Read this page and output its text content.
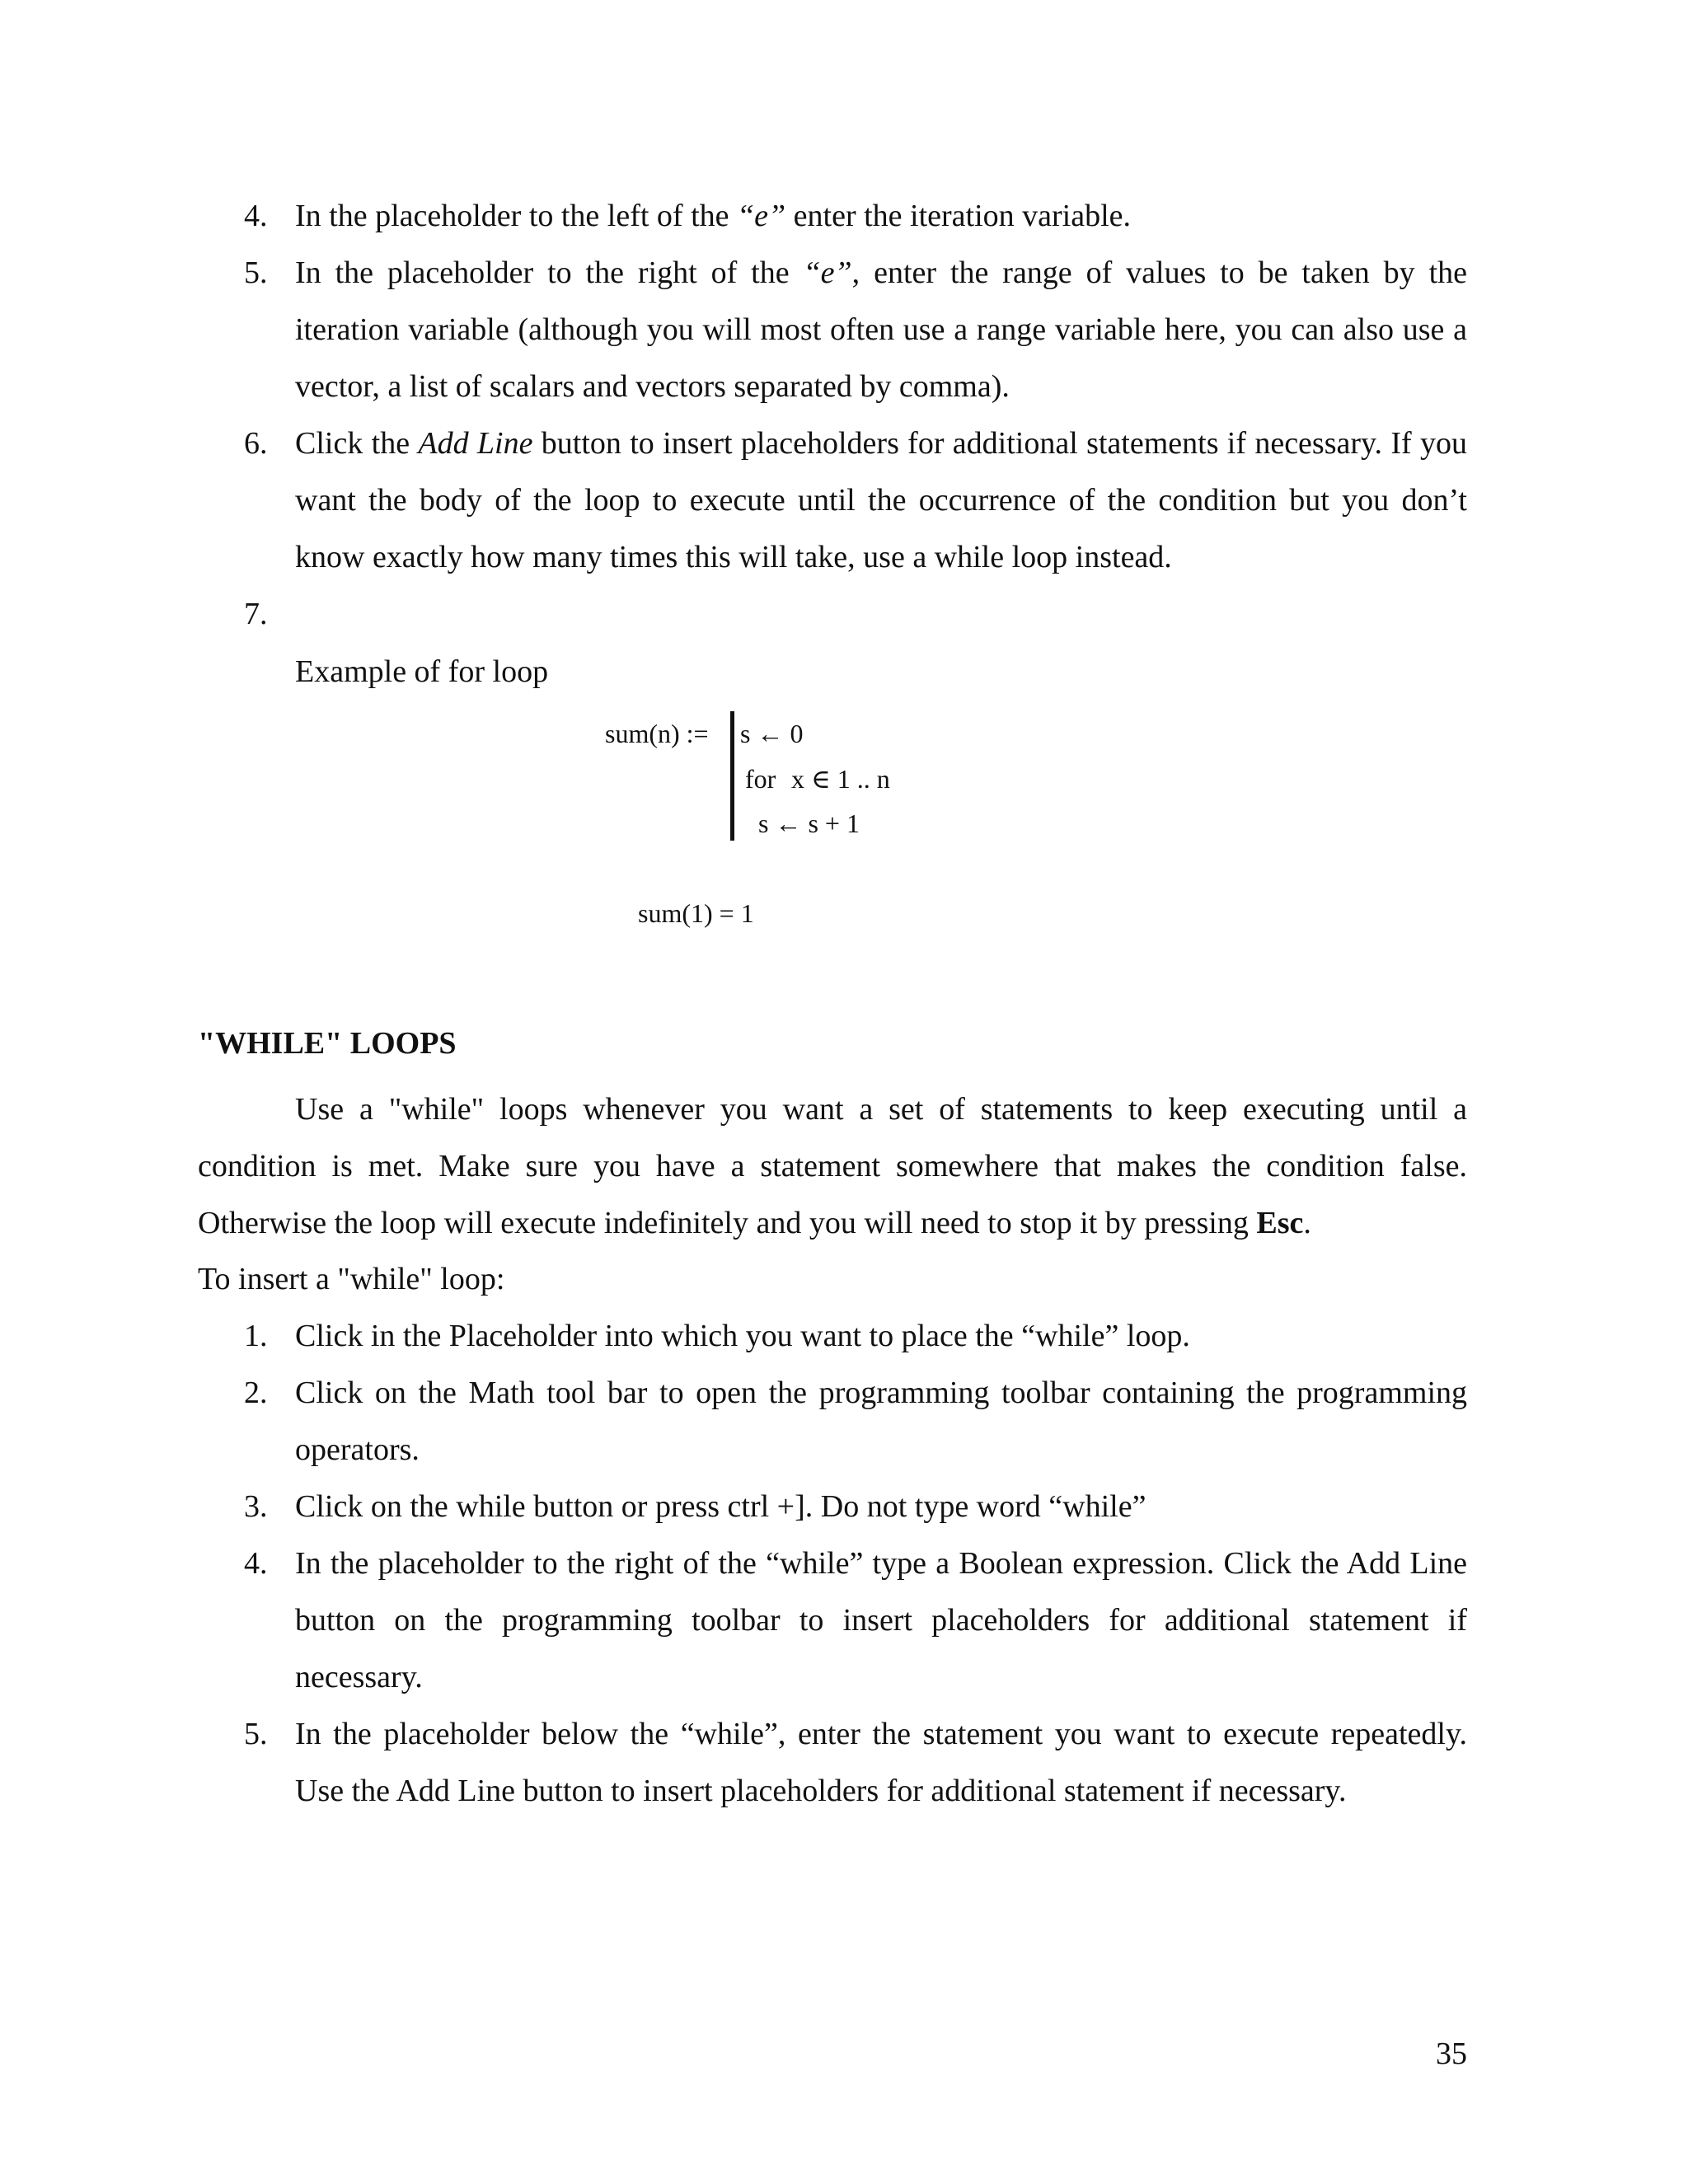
4. In the placeholder to the left of the “e” enter the iteration variable.
5. In the placeholder to the right of the “e”, enter the range of values to be taken by the iteration variable (although you will most often use a range variable here, you can also use a vector, a list of scalars and vectors separated by comma).
6. Click the Add Line button to insert placeholders for additional statements if necessary. If you want the body of the loop to execute until the occurrence of the condition but you don’t know exactly how many times this will take, use a while loop instead.
7.

Example of for loop

sum(n) := s ← 0
for x ∈ 1 .. n
s ← s + 1
sum(1) = 1
"WHILE" LOOPS

Use a "while" loops whenever you want a set of statements to keep executing until a condition is met. Make sure you have a statement somewhere that makes the condition false. Otherwise the loop will execute indefinitely and you will need to stop it by pressing Esc.

To insert a "while" loop:

1. Click in the Placeholder into which you want to place the “while” loop.
2. Click on the Math tool bar to open the programming toolbar containing the programming operators.
3. Click on the while button or press ctrl +]. Do not type word “while”
4. In the placeholder to the right of the “while” type a Boolean expression. Click the Add Line button on the programming toolbar to insert placeholders for additional statement if necessary.
5. In the placeholder below the “while”, enter the statement you want to execute repeatedly. Use the Add Line button to insert placeholders for additional statement if necessary.
35
